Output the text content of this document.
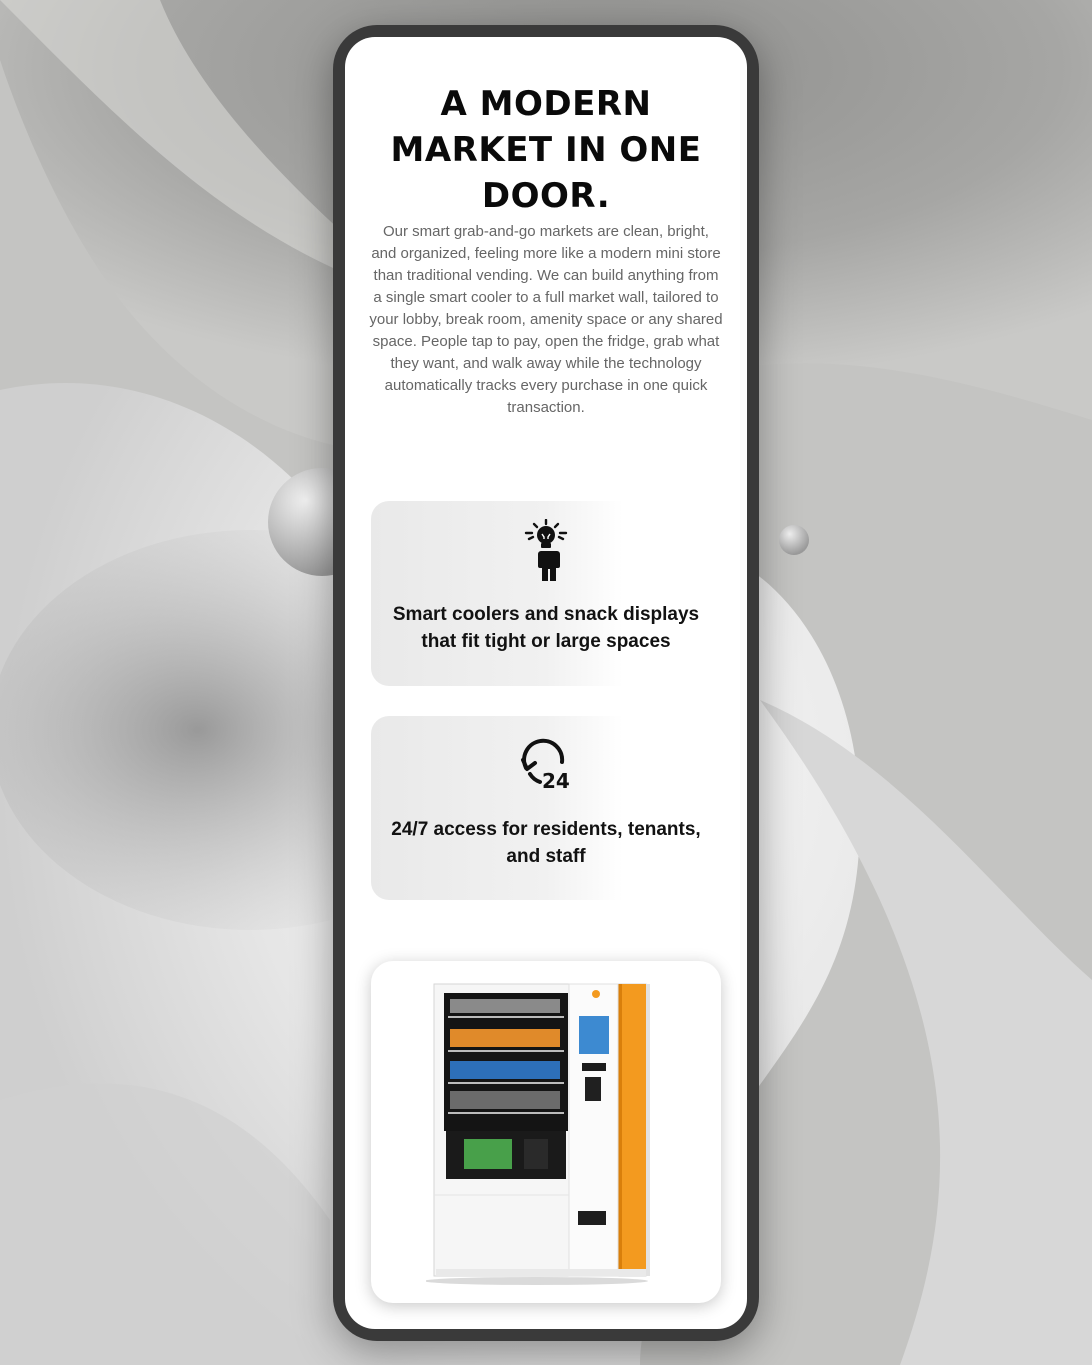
A MODERN
MARKET IN ONE
DOOR.

Our smart grab-and-go markets are clean, bright, and organized, feeling more like a modern mini store than traditional vending. We can build anything from a single smart cooler to a full market wall, tailored to your lobby, break room, amenity space or any shared space. People tap to pay, open the fridge, grab what they want, and walk away while the technology automatically tracks every purchase in one quick transaction.

Smart coolers and snack displays that fit tight or large spaces
24
24/7 access for residents, tenants, and staff
